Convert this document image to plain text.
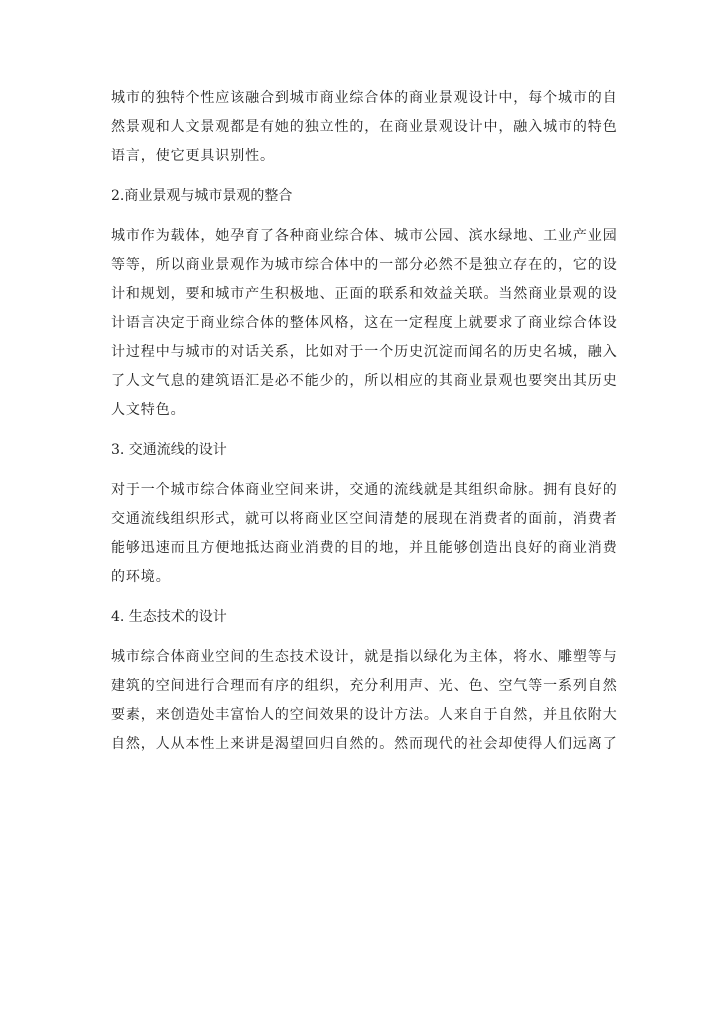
城市的独特个性应该融合到城市商业综合体的商业景观设计中，每个城市的自
然景观和人文景观都是有她的独立性的，在商业景观设计中，融入城市的特色
语言，使它更具识别性。
2.商业景观与城市景观的整合
城市作为载体，她孕育了各种商业综合体、城市公园、滨水绿地、工业产业园
等等，所以商业景观作为城市综合体中的一部分必然不是独立存在的，它的设
计和规划，要和城市产生积极地、正面的联系和效益关联。当然商业景观的设
计语言决定于商业综合体的整体风格，这在一定程度上就要求了商业综合体设
计过程中与城市的对话关系，比如对于一个历史沉淀而闻名的历史名城，融入
了人文气息的建筑语汇是必不能少的，所以相应的其商业景观也要突出其历史
人文特色。
3. 交通流线的设计
对于一个城市综合体商业空间来讲，交通的流线就是其组织命脉。拥有良好的
交通流线组织形式，就可以将商业区空间清楚的展现在消费者的面前，消费者
能够迅速而且方便地抵达商业消费的目的地，并且能够创造出良好的商业消费
的环境。
4. 生态技术的设计
城市综合体商业空间的生态技术设计，就是指以绿化为主体，将水、雕塑等与
建筑的空间进行合理而有序的组织，充分利用声、光、色、空气等一系列自然
要素，来创造处丰富怡人的空间效果的设计方法。人来自于自然，并且依附大
自然，人从本性上来讲是渴望回归自然的。然而现代的社会却使得人们远离了
